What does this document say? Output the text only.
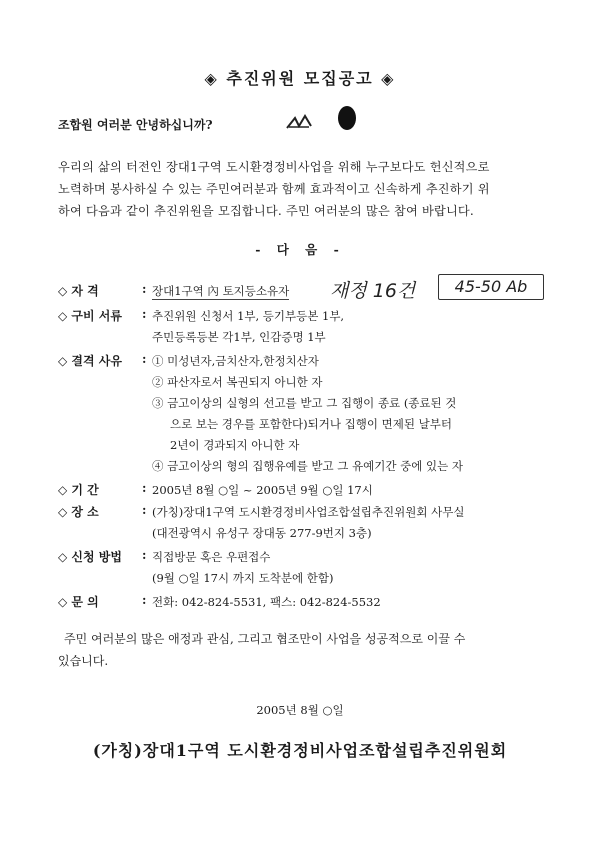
◈ 추진위원 모집공고 ◈
조합원 여러분 안녕하십니까?
우리의 삶의 터전인 장대1구역 도시환경정비사업을 위해 누구보다도 헌신적으로
노력하며 봉사하실 수 있는 주민여러분과 함께 효과적이고 신속하게 추진하기 위
하여 다음과 같이 추진위원을 모집합니다. 주민 여러분의 많은 참여 바랍니다.
- 다 음 -
◇ 자 격	: 장대1구역 內 토지등소유자 재정 16건	45-50 Ab
◇ 구비 서류 : 추진위원 신청서 1부, 등기부등본 1부,
주민등록등본 각1부, 인감증명 1부
◇ 결격 사유 : ① 미성년자,금치산자,한정치산자
② 파산자로서 복권되지 아니한 자
③ 금고이상의 실형의 선고를 받고 그 집행이 종료 (종료된 것
으로 보는 경우를 포함한다)되거나 집행이 면제된 날부터
2년이 경과되지 아니한 자
④ 금고이상의 형의 집행유예를 받고 그 유예기간 중에 있는 자
◇ 기 간	: 2005년 8월 ○일 ~ 2005년 9월 ○일 17시
◇ 장 소	: (가칭)장대1구역 도시환경정비사업조합설립추진위원회 사무실
(대전광역시 유성구 장대동 277-9번지 3층)
◇ 신청 방법 : 직접방문 혹은 우편접수
(9월 ○일 17시 까지 도착분에 한함)
◇ 문 의	: 전화: 042-824-5531, 팩스: 042-824-5532
주민 여러분의 많은 애정과 관심, 그리고 협조만이 사업을 성공적으로 이끌 수
있습니다.
2005년 8월 ○일
(가칭)장대1구역 도시환경정비사업조합설립추진위원회
